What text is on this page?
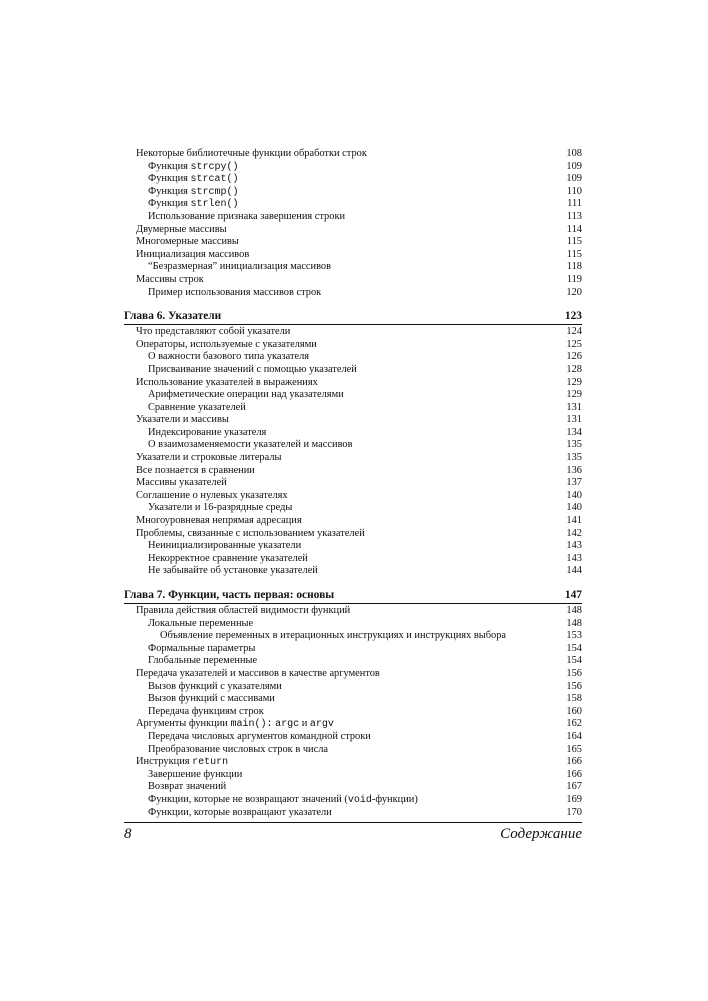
Некоторые библиотечные функции обработки строк	108
Функция strcpy()	109
Функция strcat()	109
Функция strcmp()	110
Функция strlen()	111
Использование признака завершения строки	113
Двумерные массивы	114
Многомерные массивы	115
Инициализация массивов	115
“Безразмерная” инициализация массивов	118
Массивы строк	119
Пример использования массивов строк	120
Глава 6. Указатели	123
Что представляют собой указатели	124
Операторы, используемые с указателями	125
О важности базового типа указателя	126
Присваивание значений с помощью указателей	128
Использование указателей в выражениях	129
Арифметические операции над указателями	129
Сравнение указателей	131
Указатели и массивы	131
Индексирование указателя	134
О взаимозаменяемости указателей и массивов	135
Указатели и строковые литералы	135
Все познается в сравнении	136
Массивы указателей	137
Соглашение о нулевых указателях	140
Указатели и 16-разрядные среды	140
Многоуровневая непрямая адресация	141
Проблемы, связанные с использованием указателей	142
Неинициализированные указатели	143
Некорректное сравнение указателей	143
Не забывайте об установке указателей	144
Глава 7. Функции, часть первая: основы	147
Правила действия областей видимости функций	148
Локальные переменные	148
Объявление переменных в итерационных инструкциях и инструкциях выбора	153
Формальные параметры	154
Глобальные переменные	154
Передача указателей и массивов в качестве аргументов	156
Вызов функций с указателями	156
Вызов функций с массивами	158
Передача функциям строк	160
Аргументы функции main(): argc и argv	162
Передача числовых аргументов командной строки	164
Преобразование числовых строк в числа	165
Инструкция return	166
Завершение функции	166
Возврат значений	167
Функции, которые не возвращают значений (void-функции)	169
Функции, которые возвращают указатели	170
8	Содержание
